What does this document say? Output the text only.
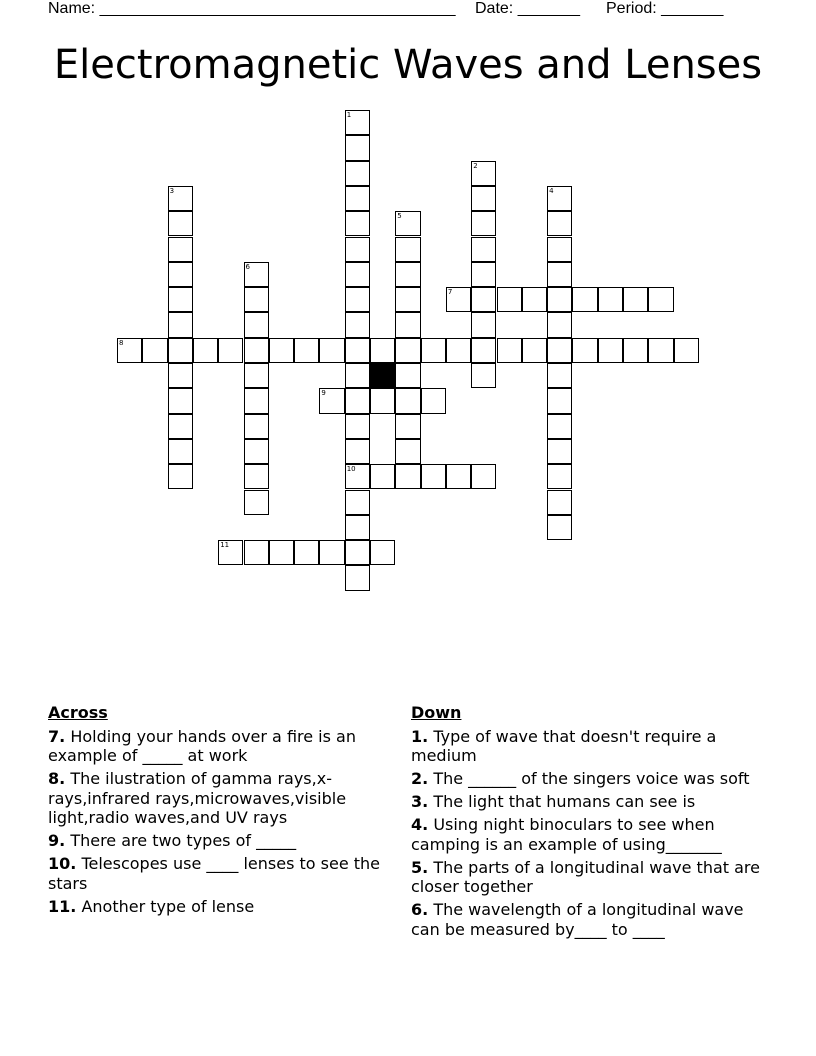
Name: ________________________________________ Date: _______ Period: _______
Electromagnetic Waves and Lenses
1
10
2
3	4
5
6
7
8
9
11
Across
7. Holding your hands over a fire is an example of _____ at work
8. The ilustration of gamma rays,x-rays,infrared rays,microwaves,visible light,radio waves,and UV rays
9. There are two types of _____
10. Telescopes use ____ lenses to see the stars
11. Another type of lense
Down
1. Type of wave that doesn't require a medium
2. The ______ of the singers voice was soft
3. The light that humans can see is
4. Using night binoculars to see when camping is an example of using_______
5. The parts of a longitudinal wave that are closer together
6. The wavelength of a longitudinal wave can be measured by____ to ____
